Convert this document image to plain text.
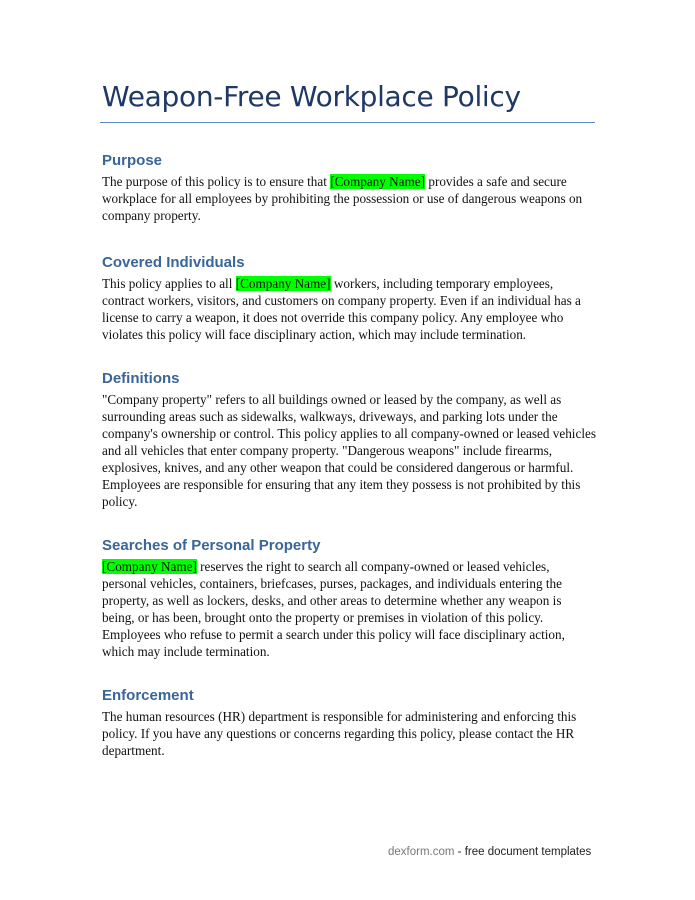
Weapon-Free Workplace Policy
Purpose

The purpose of this policy is to ensure that [Company Name] provides a safe and secure workplace for all employees by prohibiting the possession or use of dangerous weapons on company property.

Covered Individuals

This policy applies to all [Company Name] workers, including temporary employees, contract workers, visitors, and customers on company property. Even if an individual has a license to carry a weapon, it does not override this company policy. Any employee who violates this policy will face disciplinary action, which may include termination.

Definitions

"Company property" refers to all buildings owned or leased by the company, as well as surrounding areas such as sidewalks, walkways, driveways, and parking lots under the company's ownership or control. This policy applies to all company-owned or leased vehicles and all vehicles that enter company property. "Dangerous weapons" include firearms, explosives, knives, and any other weapon that could be considered dangerous or harmful. Employees are responsible for ensuring that any item they possess is not prohibited by this policy.

Searches of Personal Property

[Company Name] reserves the right to search all company-owned or leased vehicles, personal vehicles, containers, briefcases, purses, packages, and individuals entering the property, as well as lockers, desks, and other areas to determine whether any weapon is being, or has been, brought onto the property or premises in violation of this policy. Employees who refuse to permit a search under this policy will face disciplinary action, which may include termination.

Enforcement

The human resources (HR) department is responsible for administering and enforcing this policy. If you have any questions or concerns regarding this policy, please contact the HR department.

dexform.com - free document templates
